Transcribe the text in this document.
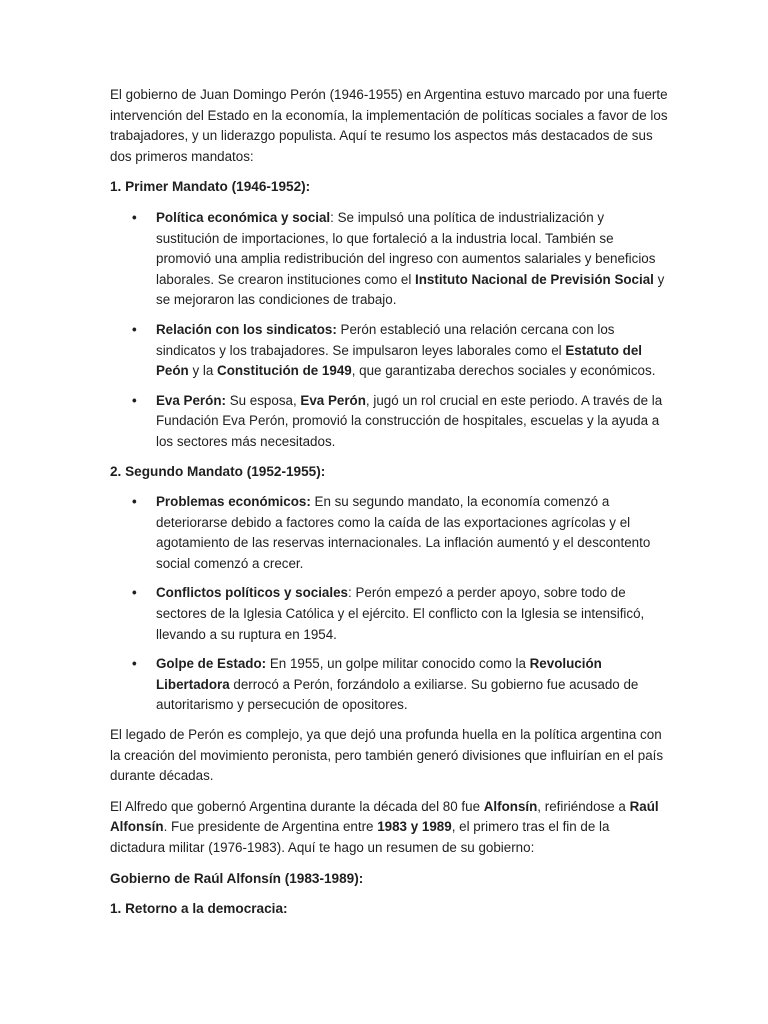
El gobierno de Juan Domingo Perón (1946-1955) en Argentina estuvo marcado por una fuerte intervención del Estado en la economía, la implementación de políticas sociales a favor de los trabajadores, y un liderazgo populista. Aquí te resumo los aspectos más destacados de sus dos primeros mandatos:

1. Primer Mandato (1946-1952):
• Política económica y social: Se impulsó una política de industrialización y sustitución de importaciones, lo que fortaleció a la industria local. También se promovió una amplia redistribución del ingreso con aumentos salariales y beneficios laborales. Se crearon instituciones como el Instituto Nacional de Previsión Social y se mejoraron las condiciones de trabajo.
• Relación con los sindicatos: Perón estableció una relación cercana con los sindicatos y los trabajadores. Se impulsaron leyes laborales como el Estatuto del Peón y la Constitución de 1949, que garantizaba derechos sociales y económicos.
• Eva Perón: Su esposa, Eva Perón, jugó un rol crucial en este periodo. A través de la Fundación Eva Perón, promovió la construcción de hospitales, escuelas y la ayuda a los sectores más necesitados.
2. Segundo Mandato (1952-1955):
• Problemas económicos: En su segundo mandato, la economía comenzó a deteriorarse debido a factores como la caída de las exportaciones agrícolas y el agotamiento de las reservas internacionales. La inflación aumentó y el descontento social comenzó a crecer.
• Conflictos políticos y sociales: Perón empezó a perder apoyo, sobre todo de sectores de la Iglesia Católica y el ejército. El conflicto con la Iglesia se intensificó, llevando a su ruptura en 1954.
• Golpe de Estado: En 1955, un golpe militar conocido como la Revolución Libertadora derrocó a Perón, forzándolo a exiliarse. Su gobierno fue acusado de autoritarismo y persecución de opositores.

El legado de Perón es complejo, ya que dejó una profunda huella en la política argentina con la creación del movimiento peronista, pero también generó divisiones que influirían en el país durante décadas.

El Alfredo que gobernó Argentina durante la década del 80 fue Alfonsín, refiriéndose a Raúl Alfonsín. Fue presidente de Argentina entre 1983 y 1989, el primero tras el fin de la dictadura militar (1976-1983). Aquí te hago un resumen de su gobierno:

Gobierno de Raúl Alfonsín (1983-1989):
1. Retorno a la democracia:
